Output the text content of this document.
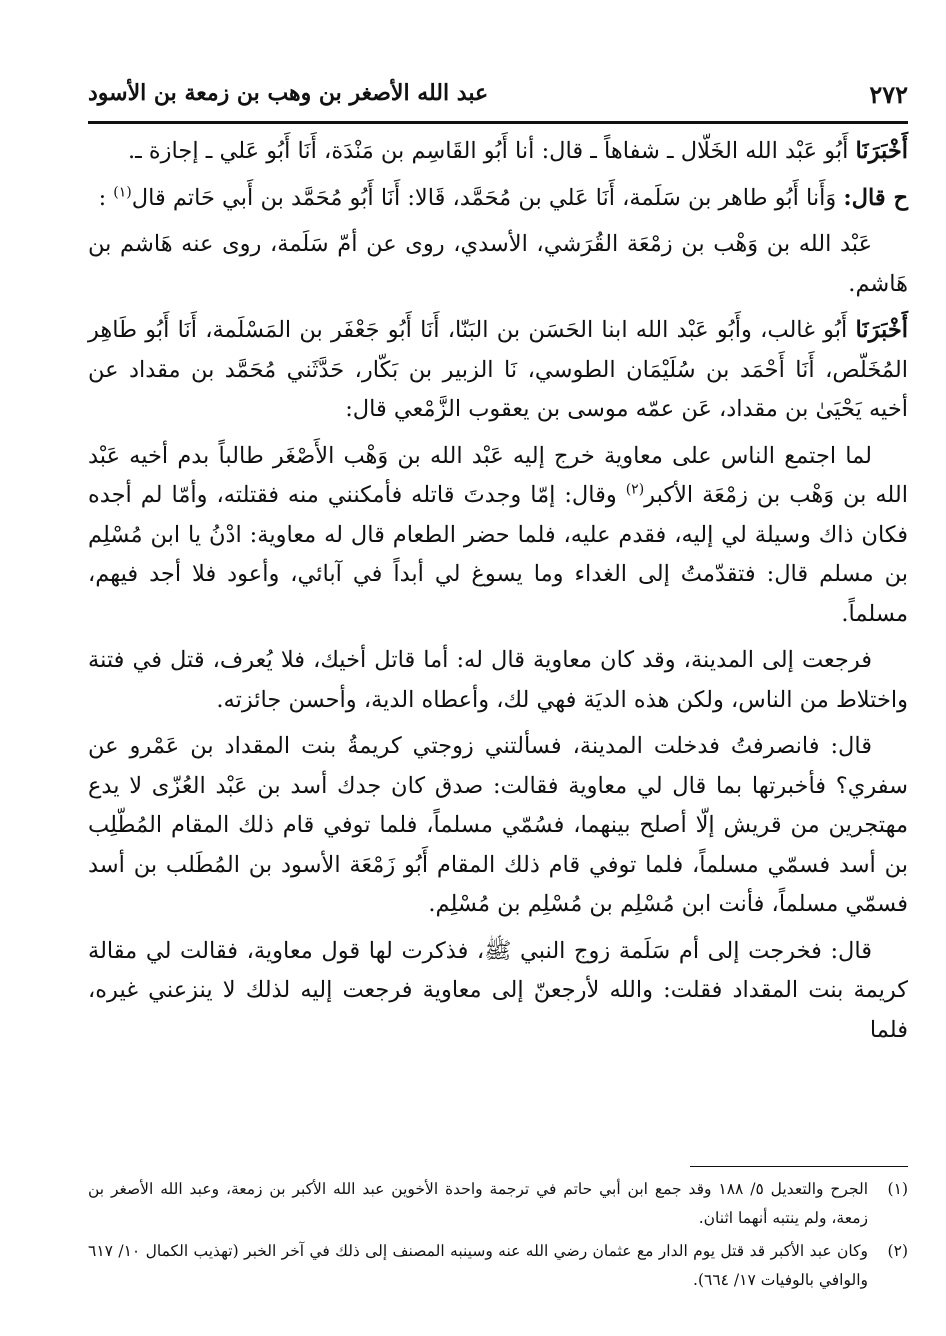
٢٧٢
عبد الله الأصغر بن وهب بن زمعة بن الأسود

أَخْبَرَنَا أَبُو عَبْد الله الخَلّال ـ شفاهاً ـ قال: أنا أَبُو القَاسِم بن مَنْدَة، أَنَا أَبُو عَلي ـ إجازة ـ.

ح قال: وَأَنا أَبُو طاهر بن سَلَمة، أَنَا عَلي بن مُحَمَّد، قَالا: أَنَا أَبُو مُحَمَّد بن أَبي حَاتم قال$^{(١)}$ :

عَبْد الله بن وَهْب بن زمْعَة القُرَشي، الأسدي، روى عن أمّ سَلَمة، روى عنه هَاشم بن هَاشم.

أَخْبَرَنَا أَبُو غالب، وأَبُو عَبْد الله ابنا الحَسَن بن البَنّا، أَنَا أَبُو جَعْفَر بن المَسْلَمة، أَنَا أَبُو طَاهِر المُخَلّص، أَنَا أَحْمَد بن سُلَيْمَان الطوسي، نَا الزبير بن بَكّار، حَدَّثَني مُحَمَّد بن مقداد عن أخيه يَحْيَىٰ بن مقداد، عَن عمّه موسى بن يعقوب الزَّمْعي قال:

لما اجتمع الناس على معاوية خرج إليه عَبْد الله بن وَهْب الأَصْغَر طالباً بدم أخيه عَبْد الله بن وَهْب بن زمْعَة الأكبر$^{(٢)}$ وقال: إمّا وجدتَ قاتله فأمكنني منه فقتلته، وأمّا لم أجده فكان ذاك وسيلة لي إليه، فقدم عليه، فلما حضر الطعام قال له معاوية: ادْنُ يا ابن مُسْلِم بن مسلم قال: فتقدّمتُ إلى الغداء وما يسوغ لي أبداً في آبائي، وأعود فلا أجد فيهم، مسلماً.

فرجعت إلى المدينة، وقد كان معاوية قال له: أما قاتل أخيك، فلا يُعرف، قتل في فتنة واختلاط من الناس، ولكن هذه الديَة فهي لك، وأعطاه الدية، وأحسن جائزته.

قال: فانصرفتُ فدخلت المدينة، فسألتني زوجتي كريمةُ بنت المقداد بن عَمْرو عن سفري؟ فأخبرتها بما قال لي معاوية فقالت: صدق كان جدك أسد بن عَبْد العُزّى لا يدع مهتجرين من قريش إلّا أصلح بينهما، فسُمّي مسلماً، فلما توفي قام ذلك المقام المُطّلِب بن أسد فسمّي مسلماً، فلما توفي قام ذلك المقام أَبُو زَمْعَة الأسود بن المُطَلب بن أسد فسمّي مسلماً، فأنت ابن مُسْلِم بن مُسْلِم بن مُسْلِم.

قال: فخرجت إلى أم سَلَمة زوج النبي ﷺ، فذكرت لها قول معاوية، فقالت لي مقالة كريمة بنت المقداد فقلت: والله لأرجعنّ إلى معاوية فرجعت إليه لذلك لا ينزعني غيره، فلما

(١)
الجرح والتعديل ٥/ ١٨٨ وقد جمع ابن أبي حاتم في ترجمة واحدة الأخوين عبد الله الأكبر بن زمعة، وعبد الله الأصغر بن زمعة، ولم ينتبه أنهما اثنان.
(٢)
وكان عبد الأكبر قد قتل يوم الدار مع عثمان رضي الله عنه وسينبه المصنف إلى ذلك في آخر الخبر (تهذيب الكمال ١٠/ ٦١٧ والوافي بالوفيات ١٧/ ٦٦٤).
